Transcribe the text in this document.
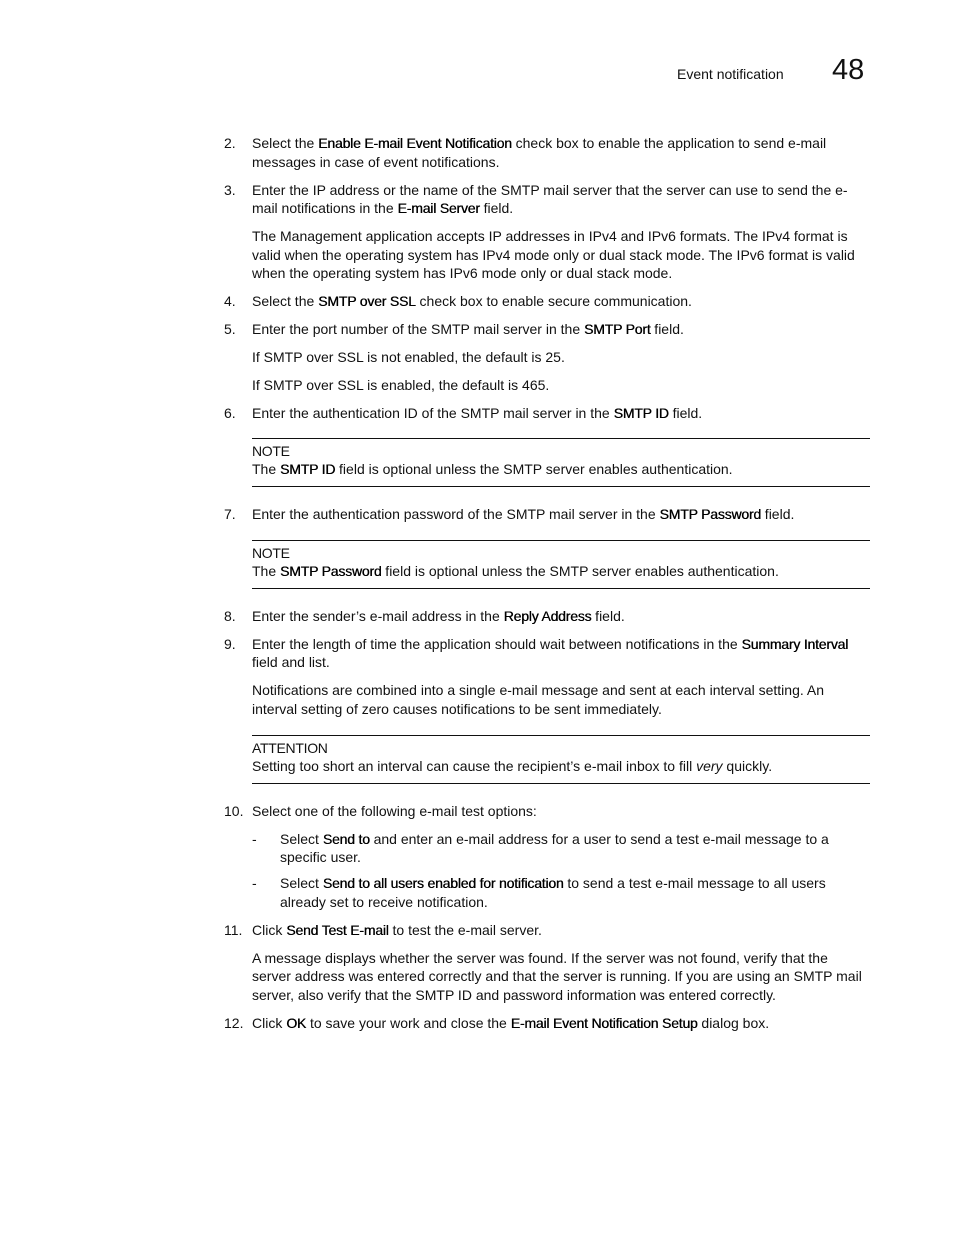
Event notification 48
2. Select the Enable E-mail Event Notification check box to enable the application to send e-mail messages in case of event notifications.
3. Enter the IP address or the name of the SMTP mail server that the server can use to send the e-mail notifications in the E-mail Server field.
The Management application accepts IP addresses in IPv4 and IPv6 formats. The IPv4 format is valid when the operating system has IPv4 mode only or dual stack mode. The IPv6 format is valid when the operating system has IPv6 mode only or dual stack mode.
4. Select the SMTP over SSL check box to enable secure communication.
5. Enter the port number of the SMTP mail server in the SMTP Port field.
If SMTP over SSL is not enabled, the default is 25.
If SMTP over SSL is enabled, the default is 465.
6. Enter the authentication ID of the SMTP mail server in the SMTP ID field.
NOTE
The SMTP ID field is optional unless the SMTP server enables authentication.
7. Enter the authentication password of the SMTP mail server in the SMTP Password field.
NOTE
The SMTP Password field is optional unless the SMTP server enables authentication.
8. Enter the sender’s e-mail address in the Reply Address field.
9. Enter the length of time the application should wait between notifications in the Summary Interval field and list.
Notifications are combined into a single e-mail message and sent at each interval setting. An interval setting of zero causes notifications to be sent immediately.
ATTENTION
Setting too short an interval can cause the recipient’s e-mail inbox to fill very quickly.
10. Select one of the following e-mail test options:
- Select Send to and enter an e-mail address for a user to send a test e-mail message to a specific user.
- Select Send to all users enabled for notification to send a test e-mail message to all users already set to receive notification.
11. Click Send Test E-mail to test the e-mail server.
A message displays whether the server was found. If the server was not found, verify that the server address was entered correctly and that the server is running. If you are using an SMTP mail server, also verify that the SMTP ID and password information was entered correctly.
12. Click OK to save your work and close the E-mail Event Notification Setup dialog box.
